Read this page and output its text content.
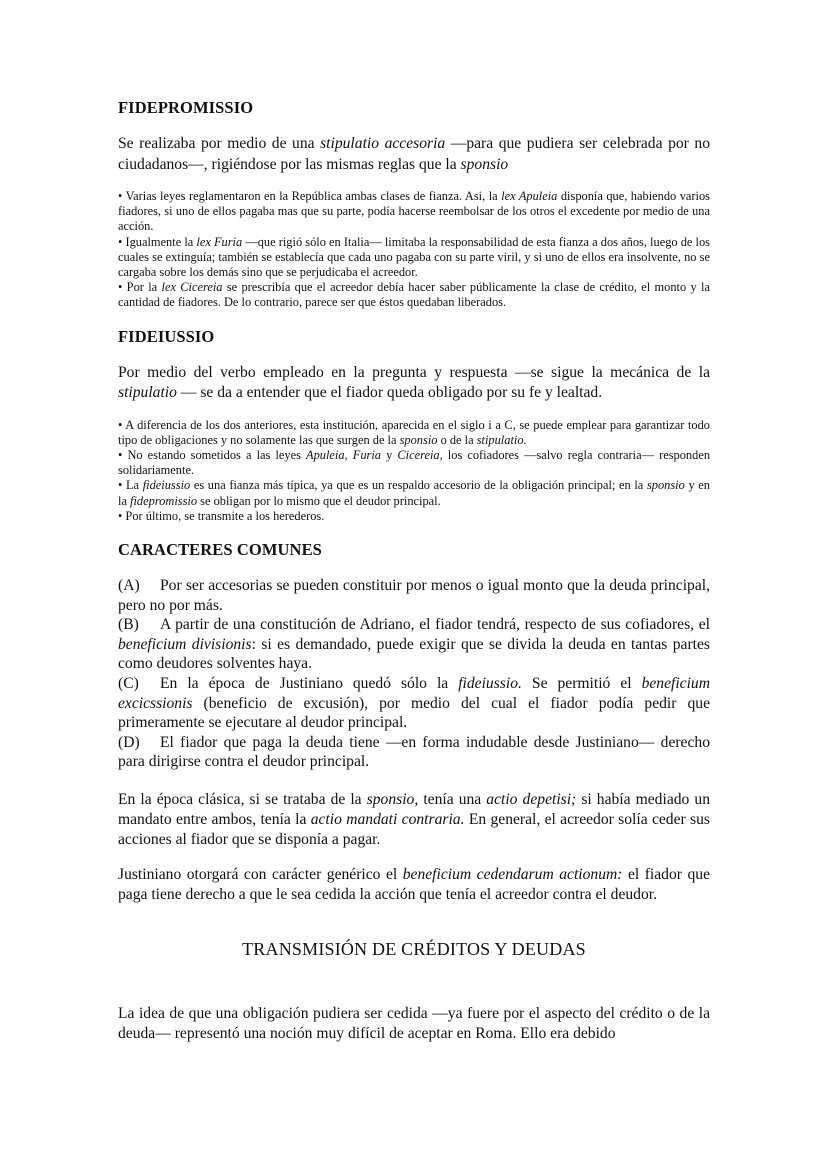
FIDEPROMISSIO

Se realizaba por medio de una stipulatio accesoria —para que pudiera ser celebrada por no ciudadanos—, rigiéndose por las mismas reglas que la sponsio

• Varias leyes reglamentaron en la República ambas clases de fianza. Asi, la lex Apuleia disponía que, habiendo varios fiadores, si uno de ellos pagaba mas que su parte, podía hacerse reembolsar de los otros el excedente por medio de una acción.
• Igualmente la lex Furia —que rigió sólo en Italia— limitaba la responsabilidad de esta fianza a dos años, luego de los cuales se extinguía; también se establecía que cada uno pagaba con su parte viril, y si uno de ellos era insolvente, no se cargaba sobre los demás sino que se perjudicaba el acreedor.
• Por la lex Cicereia se prescribía que el acreedor debía hacer saber públicamente la clase de crédito, el monto y la cantidad de fiadores. De lo contrario, parece ser que éstos quedaban liberados.
FIDEIUSSIO

Por medio del verbo empleado en la pregunta y respuesta —se sigue la mecánica de la stipulatio — se da a entender que el fiador queda obligado por su fe y lealtad.

• A diferencia de los dos anteriores, esta institución, aparecida en el siglo i a C, se puede emplear para garantizar todo tipo de obligaciones y no solamente las que surgen de la sponsio o de la stipulatio.
• No estando sometidos a las leyes Apuleia, Furia y Cicereia, los cofiadores —salvo regla contraria— responden solidariamente.
• La fideiussio es una fianza más típica, ya que es un respaldo accesorio de la obligación principal; en la sponsio y en la fidepromissio se obligan por lo mismo que el deudor principal.
• Por último, se transmite a los herederos.
CARACTERES COMUNES

(A) Por ser accesorias se pueden constituir por menos o igual monto que la deuda principal, pero no por más.

(B) A partir de una constitución de Adriano, el fiador tendrá, respecto de sus cofiadores, el beneficium divisionis: si es demandado, puede exigir que se divida la deuda en tantas partes como deudores solventes haya.

(C) En la época de Justiniano quedó sólo la fideiussio. Se permitió el beneficium excicssionis (beneficio de excusión), por medio del cual el fiador podía pedir que primeramente se ejecutare al deudor principal.

(D) El fiador que paga la deuda tiene —en forma indudable desde Justiniano— derecho para dirigirse contra el deudor principal.

En la época clásica, si se trataba de la sponsio, tenía una actio depetisi; si había mediado un mandato entre ambos, tenía la actio mandati contraria. En general, el acreedor solía ceder sus acciones al fiador que se disponía a pagar.

Justiniano otorgará con carácter genérico el beneficium cedendarum actionum: el fiador que paga tiene derecho a que le sea cedida la acción que tenía el acreedor contra el deudor.

TRANSMISIÓN DE CRÉDITOS Y DEUDAS

La idea de que una obligación pudiera ser cedida —ya fuere por el aspecto del crédito o de la deuda— representó una noción muy difícil de aceptar en Roma. Ello era debido
